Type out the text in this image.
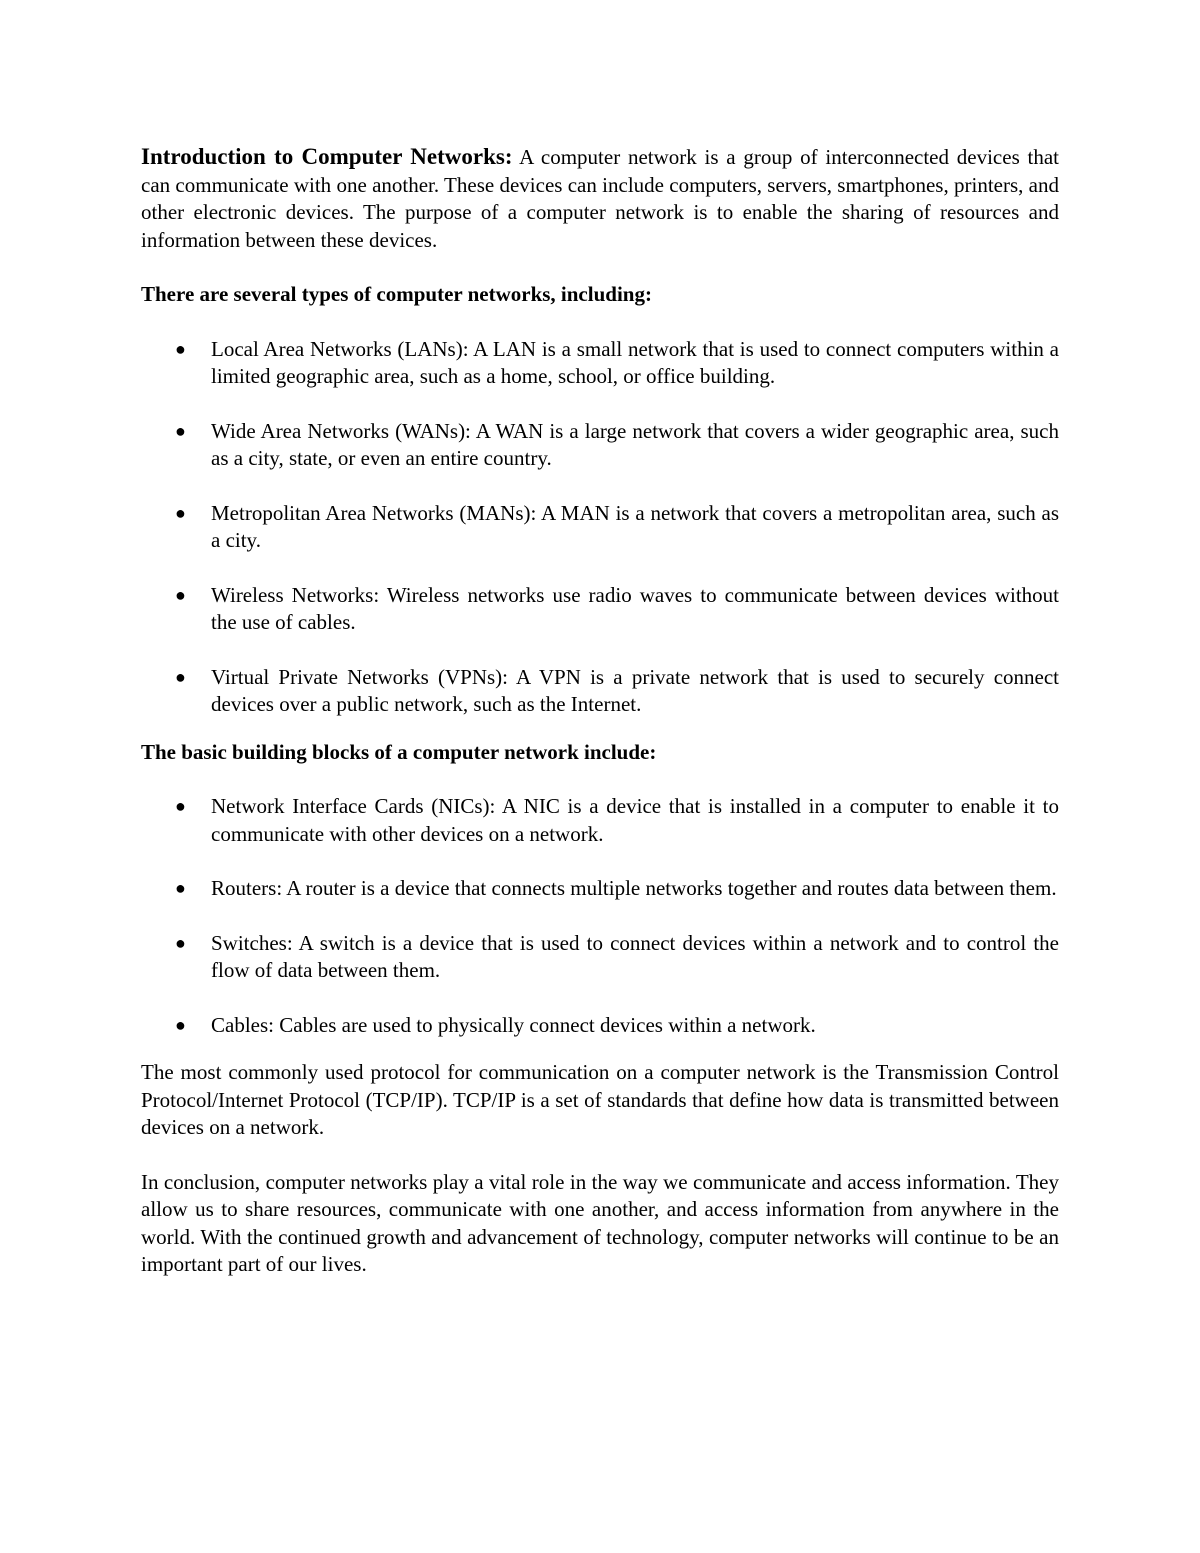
Introduction to Computer Networks: A computer network is a group of interconnected devices that can communicate with one another. These devices can include computers, servers, smartphones, printers, and other electronic devices. The purpose of a computer network is to enable the sharing of resources and information between these devices.

There are several types of computer networks, including:

● Local Area Networks (LANs): A LAN is a small network that is used to connect computers within a limited geographic area, such as a home, school, or office building.
● Wide Area Networks (WANs): A WAN is a large network that covers a wider geographic area, such as a city, state, or even an entire country.
● Metropolitan Area Networks (MANs): A MAN is a network that covers a metropolitan area, such as a city.
● Wireless Networks: Wireless networks use radio waves to communicate between devices without the use of cables.
● Virtual Private Networks (VPNs): A VPN is a private network that is used to securely connect devices over a public network, such as the Internet.

The basic building blocks of a computer network include:

● Network Interface Cards (NICs): A NIC is a device that is installed in a computer to enable it to communicate with other devices on a network.
● Routers: A router is a device that connects multiple networks together and routes data between them.
● Switches: A switch is a device that is used to connect devices within a network and to control the flow of data between them.
● Cables: Cables are used to physically connect devices within a network.

The most commonly used protocol for communication on a computer network is the Transmission Control Protocol/Internet Protocol (TCP/IP). TCP/IP is a set of standards that define how data is transmitted between devices on a network.

In conclusion, computer networks play a vital role in the way we communicate and access information. They allow us to share resources, communicate with one another, and access information from anywhere in the world. With the continued growth and advancement of technology, computer networks will continue to be an important part of our lives.
